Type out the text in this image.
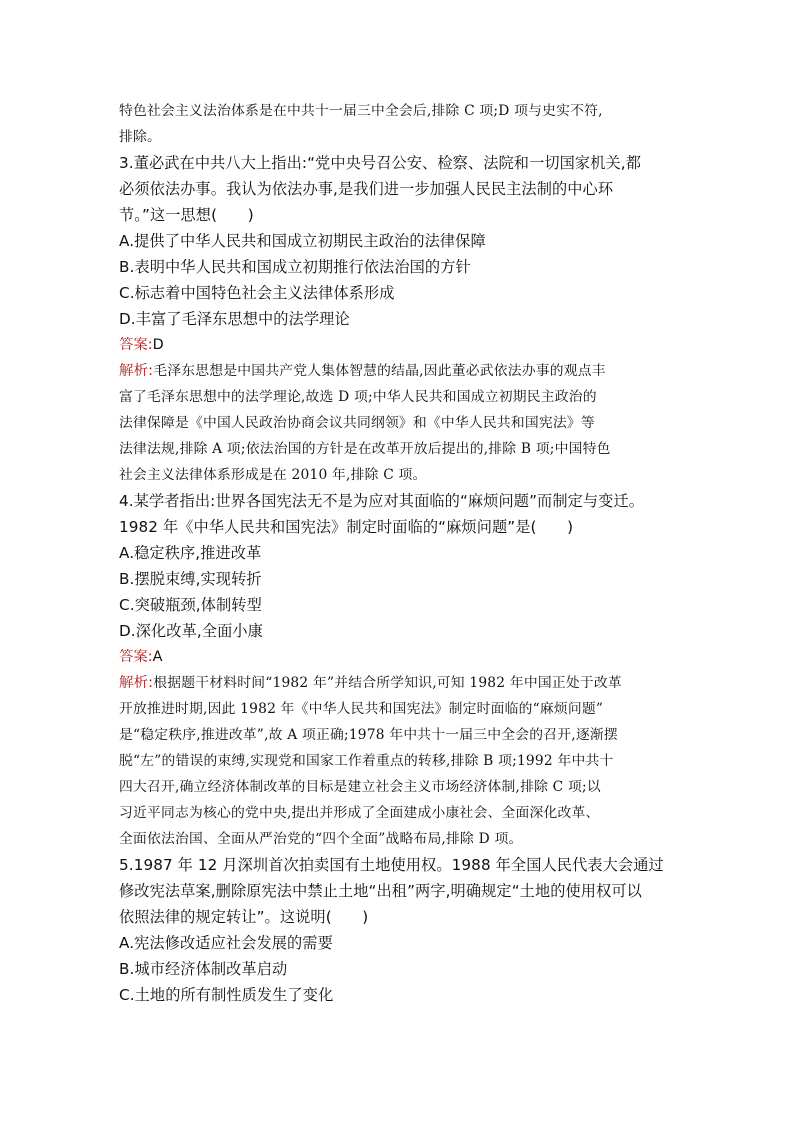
特色社会主义法治体系是在中共十一届三中全会后,排除 C 项;D 项与史实不符,
排除。
3.董必武在中共八大上指出:“党中央号召公安、检察、法院和一切国家机关,都
必须依法办事。我认为依法办事,是我们进一步加强人民民主法制的中心环
节。”这一思想(　　)
A.提供了中华人民共和国成立初期民主政治的法律保障
B.表明中华人民共和国成立初期推行依法治国的方针
C.标志着中国特色社会主义法律体系形成
D.丰富了毛泽东思想中的法学理论
答案:D
解析:毛泽东思想是中国共产党人集体智慧的结晶,因此董必武依法办事的观点丰
富了毛泽东思想中的法学理论,故选 D 项;中华人民共和国成立初期民主政治的
法律保障是《中国人民政治协商会议共同纲领》和《中华人民共和国宪法》等
法律法规,排除 A 项;依法治国的方针是在改革开放后提出的,排除 B 项;中国特色
社会主义法律体系形成是在 2010 年,排除 C 项。
4.某学者指出:世界各国宪法无不是为应对其面临的“麻烦问题”而制定与变迁。
1982 年《中华人民共和国宪法》制定时面临的“麻烦问题”是(　　)
A.稳定秩序,推进改革
B.摆脱束缚,实现转折
C.突破瓶颈,体制转型
D.深化改革,全面小康
答案:A
解析:根据题干材料时间“1982 年”并结合所学知识,可知 1982 年中国正处于改革
开放推进时期,因此 1982 年《中华人民共和国宪法》制定时面临的“麻烦问题”
是“稳定秩序,推进改革”,故 A 项正确;1978 年中共十一届三中全会的召开,逐渐摆
脱“左”的错误的束缚,实现党和国家工作着重点的转移,排除 B 项;1992 年中共十
四大召开,确立经济体制改革的目标是建立社会主义市场经济体制,排除 C 项;以
习近平同志为核心的党中央,提出并形成了全面建成小康社会、全面深化改革、
全面依法治国、全面从严治党的“四个全面”战略布局,排除 D 项。
5.1987 年 12 月深圳首次拍卖国有土地使用权。1988 年全国人民代表大会通过
修改宪法草案,删除原宪法中禁止土地“出租”两字,明确规定“土地的使用权可以
依照法律的规定转让”。这说明(　　)
A.宪法修改适应社会发展的需要
B.城市经济体制改革启动
C.土地的所有制性质发生了变化
